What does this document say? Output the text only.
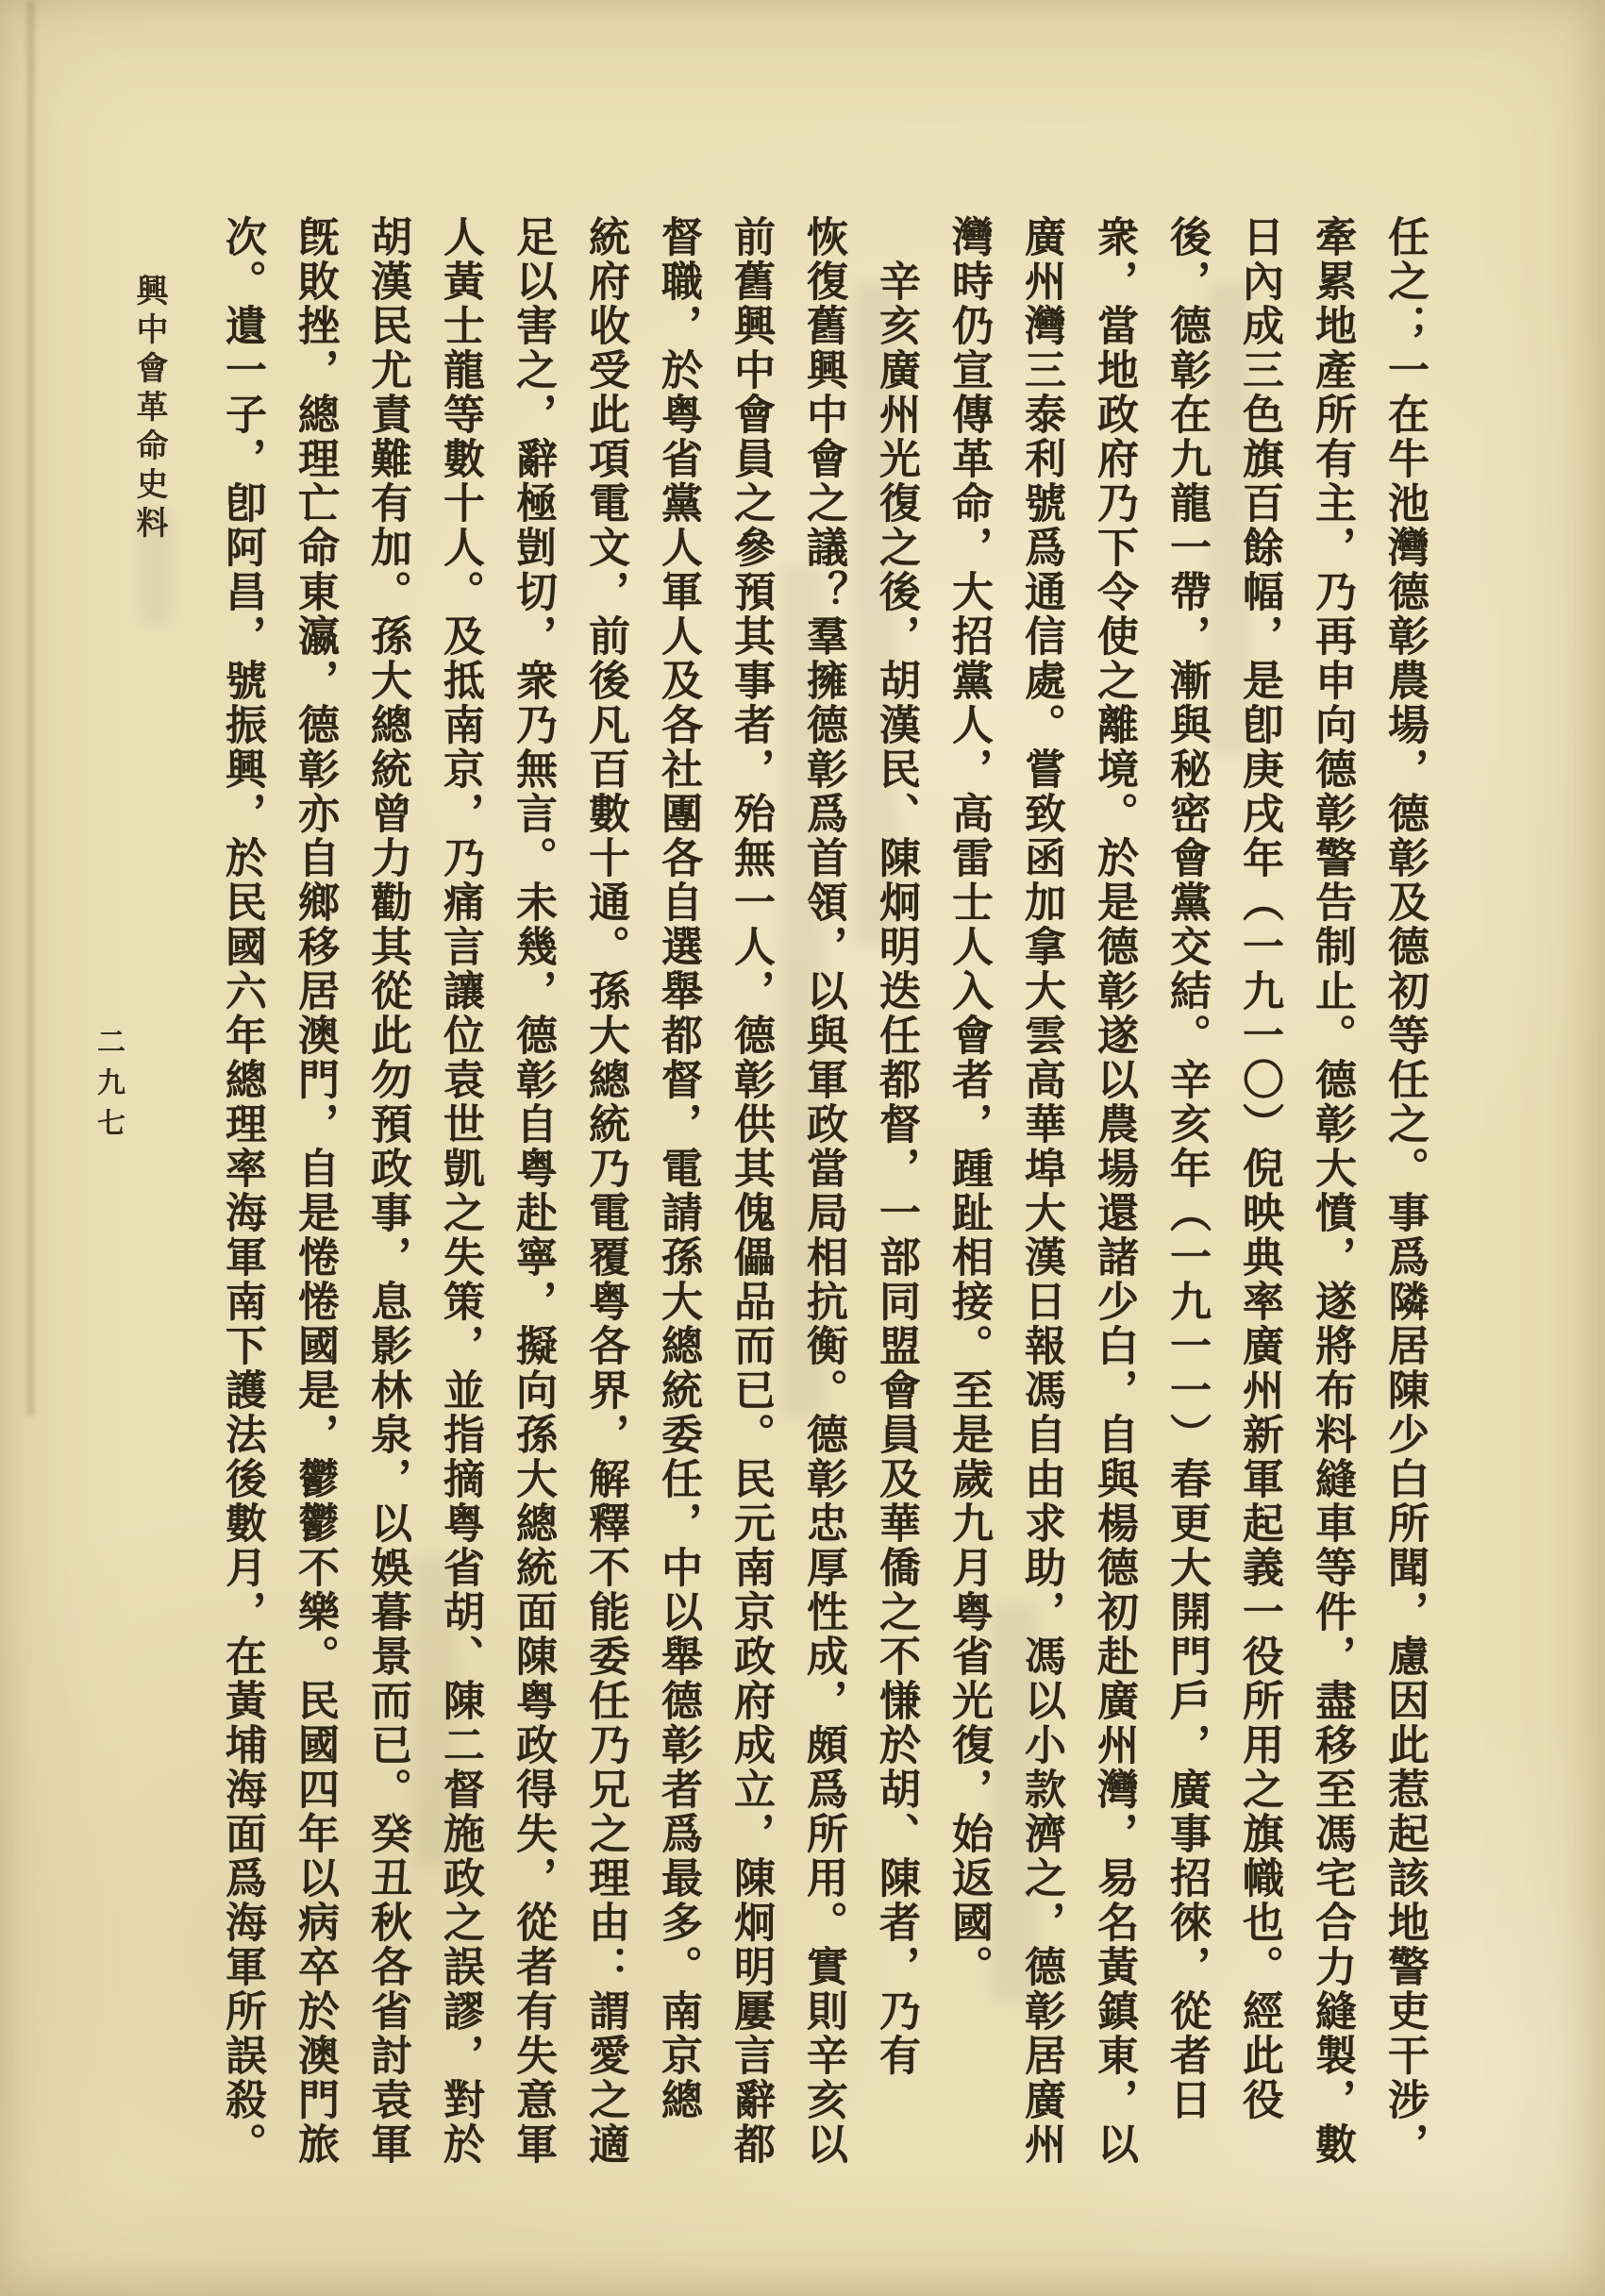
任之；一在牛池灣德彰農場，德彰及德初等任之。事爲隣居陳少白所聞，慮因此惹起該地警吏干涉，

牽累地產所有主，乃再申向德彰警告制止。德彰大憤，遂將布料縫車等件，盡移至馮宅合力縫製，數

日內成三色旗百餘幅，是卽庚戌年（一九一〇）倪映典率廣州新軍起義一役所用之旗幟也。經此役

後，德彰在九龍一帶，漸與秘密會黨交結。辛亥年（一九一一）春更大開門戶，廣事招徠，從者日

衆，當地政府乃下令使之離境。於是德彰遂以農場還諸少白，自與楊德初赴廣州灣，易名黃鎮東，以

廣州灣三泰利號爲通信處。嘗致函加拿大雲高華埠大漢日報馮自由求助，馮以小款濟之，德彰居廣州

灣時仍宣傳革命，大招黨人，高雷士人入會者，踵趾相接。至是歲九月粤省光復，始返國。

辛亥廣州光復之後，胡漢民、陳炯明迭任都督，一部同盟會員及華僑之不慊於胡、陳者，乃有

恢復舊興中會之議？羣擁德彰爲首領，以與軍政當局相抗衡。德彰忠厚性成，頗爲所用。實則辛亥以

前舊興中會員之參預其事者，殆無一人，德彰供其傀儡品而已。民元南京政府成立，陳炯明屢言辭都

督職，於粤省黨人軍人及各社團各自選舉都督，電請孫大總統委任，中以舉德彰者爲最多。南京總

統府收受此項電文，前後凡百數十通。孫大總統乃電覆粤各界，解釋不能委任乃兄之理由：謂愛之適

足以害之，辭極剴切，衆乃無言。未幾，德彰自粤赴寧，擬向孫大總統面陳粤政得失，從者有失意軍

人黃士龍等數十人。及抵南京，乃痛言讓位袁世凱之失策，並指摘粤省胡、陳二督施政之誤謬，對於

胡漢民尤責難有加。孫大總統曾力勸其從此勿預政事，息影林泉，以娛暮景而已。癸丑秋各省討袁軍

旣敗挫，總理亡命東瀛，德彰亦自鄉移居澳門，自是惓惓國是，鬱鬱不樂。民國四年以病卒於澳門旅

次。遺一子，卽阿昌，號振興，於民國六年總理率海軍南下護法後數月，在黃埔海面爲海軍所誤殺。

興中會革命史料
二九七
